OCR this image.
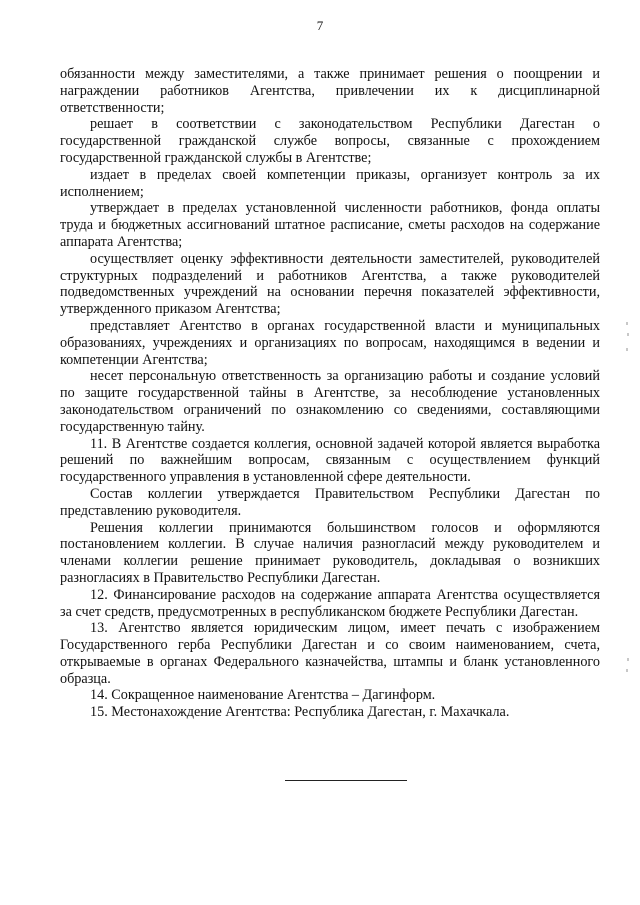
7

обязанности между заместителями, а также принимает решения о поощрении и награждении работников Агентства, привлечении их к дисциплинарной ответственности;

решает в соответствии с законодательством Республики Дагестан о государственной гражданской службе вопросы, связанные с прохождением государственной гражданской службы в Агентстве;

издает в пределах своей компетенции приказы, организует контроль за их исполнением;

утверждает в пределах установленной численности работников, фонда оплаты труда и бюджетных ассигнований штатное расписание, сметы расходов на содержание аппарата Агентства;

осуществляет оценку эффективности деятельности заместителей, руководителей структурных подразделений и работников Агентства, а также руководителей подведомственных учреждений на основании перечня показателей эффективности, утвержденного приказом Агентства;

представляет Агентство в органах государственной власти и муниципальных образованиях, учреждениях и организациях по вопросам, находящимся в ведении и компетенции Агентства;

несет персональную ответственность за организацию работы и создание условий по защите государственной тайны в Агентстве, за несоблюдение установленных законодательством ограничений по ознакомлению со сведениями, составляющими государственную тайну.

11. В Агентстве создается коллегия, основной задачей которой является выработка решений по важнейшим вопросам, связанным с осуществлением функций государственного управления в установленной сфере деятельности.

Состав коллегии утверждается Правительством Республики Дагестан по представлению руководителя.

Решения коллегии принимаются большинством голосов и оформляются постановлением коллегии. В случае наличия разногласий между руководителем и членами коллегии решение принимает руководитель, докладывая о возникших разногласиях в Правительство Республики Дагестан.

12. Финансирование расходов на содержание аппарата Агентства осуществляется за счет средств, предусмотренных в республиканском бюджете Республики Дагестан.

13. Агентство является юридическим лицом, имеет печать с изображением Государственного герба Республики Дагестан и со своим наименованием, счета, открываемые в органах Федерального казначейства, штампы и бланк установленного образца.

14. Сокращенное наименование Агентства – Дагинформ.

15. Местонахождение Агентства: Республика Дагестан, г. Махачкала.
